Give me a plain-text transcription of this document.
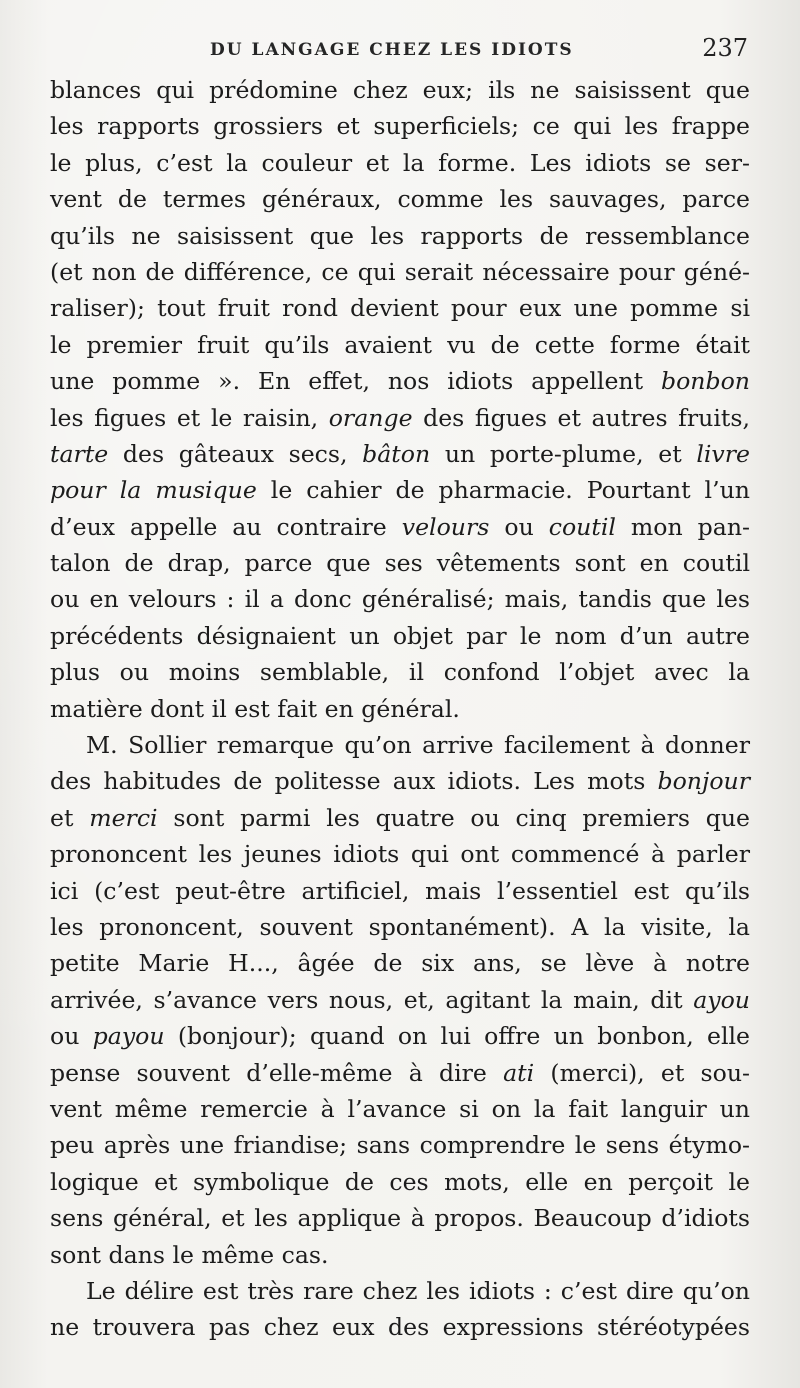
DU LANGAGE CHEZ LES IDIOTS	237
blances qui prédomine chez eux; ils ne saisissent que
les rapports grossiers et superficiels; ce qui les frappe
le plus, c’est la couleur et la forme. Les idiots se ser-
vent de termes généraux, comme les sauvages, parce
qu’ils ne saisissent que les rapports de ressemblance
(et non de différence, ce qui serait nécessaire pour géné-
raliser); tout fruit rond devient pour eux une pomme si
le premier fruit qu’ils avaient vu de cette forme était
une pomme ». En effet, nos idiots appellent bonbon
les figues et le raisin, orange des figues et autres fruits,
tarte des gâteaux secs, bâton un porte-plume, et livre
pour la musique le cahier de pharmacie. Pourtant l’un
d’eux appelle au contraire velours ou coutil mon pan-
talon de drap, parce que ses vêtements sont en coutil
ou en velours : il a donc généralisé; mais, tandis que les
précédents désignaient un objet par le nom d’un autre
plus ou moins semblable, il confond l’objet avec la
matière dont il est fait en général.
M. Sollier remarque qu’on arrive facilement à donner
des habitudes de politesse aux idiots. Les mots bonjour
et merci sont parmi les quatre ou cinq premiers que
prononcent les jeunes idiots qui ont commencé à parler
ici (c’est peut-être artificiel, mais l’essentiel est qu’ils
les prononcent, souvent spontanément). A la visite, la
petite Marie H..., âgée de six ans, se lève à notre
arrivée, s’avance vers nous, et, agitant la main, dit ayou
ou payou (bonjour); quand on lui offre un bonbon, elle
pense souvent d’elle-même à dire ati (merci), et sou-
vent même remercie à l’avance si on la fait languir un
peu après une friandise; sans comprendre le sens étymo-
logique et symbolique de ces mots, elle en perçoit le
sens général, et les applique à propos. Beaucoup d’idiots
sont dans le même cas.
Le délire est très rare chez les idiots : c’est dire qu’on
ne trouvera pas chez eux des expressions stéréotypées
